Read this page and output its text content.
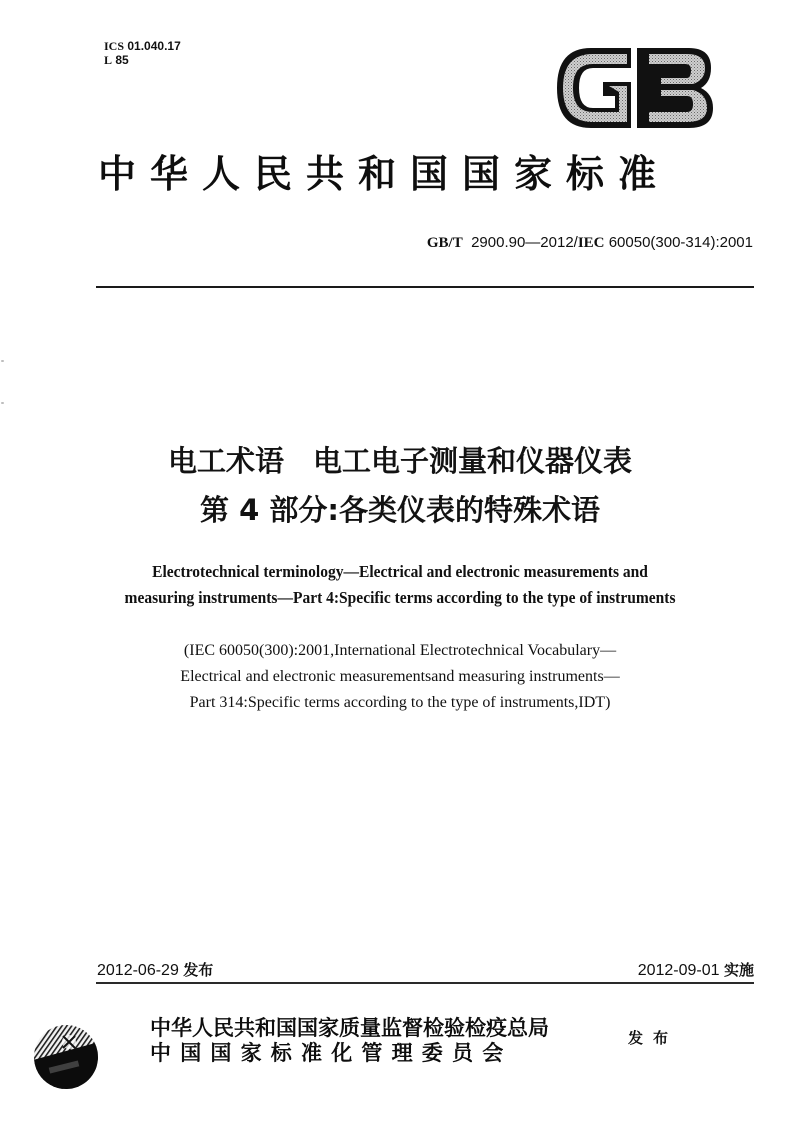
ICS 01.040.17
L 85
中华人民共和国国家标准
GB/T 2900.90—2012/IEC 60050(300-314):2001
电工术语　电工电子测量和仪器仪表
第 4 部分:各类仪表的特殊术语
Electrotechnical terminology—Electrical and electronic measurements and
measuring instruments—Part 4:Specific terms according to the type of instruments
(IEC 60050(300):2001,International Electrotechnical Vocabulary—
Electrical and electronic measurementsand measuring instruments—
Part 314:Specific terms according to the type of instruments,IDT)
2012-06-29 发布	2012-09-01 实施
中华人民共和国国家质量监督检验检疫总局
中国国家标准化管理委员会
发布
